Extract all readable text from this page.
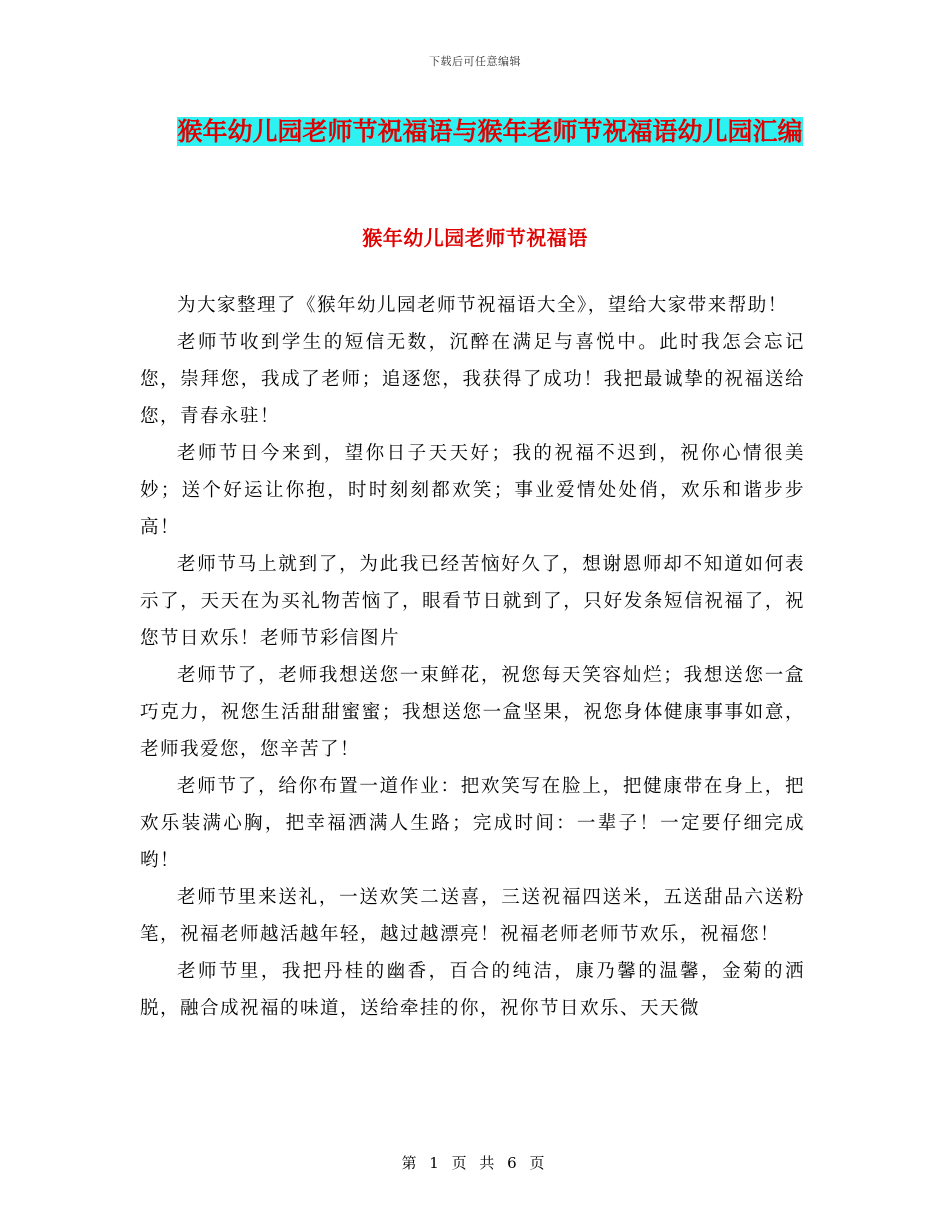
下载后可任意编辑
猴年幼儿园老师节祝福语与猴年老师节祝福语幼儿园汇编
猴年幼儿园老师节祝福语

为大家整理了《猴年幼儿园老师节祝福语大全》，望给大家带来帮助！

老师节收到学生的短信无数，沉醉在满足与喜悦中。此时我怎会忘记您，崇拜您，我成了老师；追逐您，我获得了成功！我把最诚挚的祝福送给您，青春永驻！

老师节日今来到，望你日子天天好；我的祝福不迟到，祝你心情很美妙；送个好运让你抱，时时刻刻都欢笑；事业爱情处处俏，欢乐和谐步步高！

老师节马上就到了，为此我已经苦恼好久了，想谢恩师却不知道如何表示了，天天在为买礼物苦恼了，眼看节日就到了，只好发条短信祝福了，祝您节日欢乐！老师节彩信图片

老师节了，老师我想送您一束鲜花，祝您每天笑容灿烂；我想送您一盒巧克力，祝您生活甜甜蜜蜜；我想送您一盒坚果，祝您身体健康事事如意，老师我爱您，您辛苦了！

老师节了，给你布置一道作业：把欢笑写在脸上，把健康带在身上，把欢乐装满心胸，把幸福洒满人生路；完成时间：一辈子！一定要仔细完成哟！

老师节里来送礼，一送欢笑二送喜，三送祝福四送米，五送甜品六送粉笔，祝福老师越活越年轻，越过越漂亮！祝福老师老师节欢乐，祝福您！

老师节里，我把丹桂的幽香，百合的纯洁，康乃馨的温馨，金菊的洒脱，融合成祝福的味道，送给牵挂的你，祝你节日欢乐、天天微

第 1 页 共 6 页
